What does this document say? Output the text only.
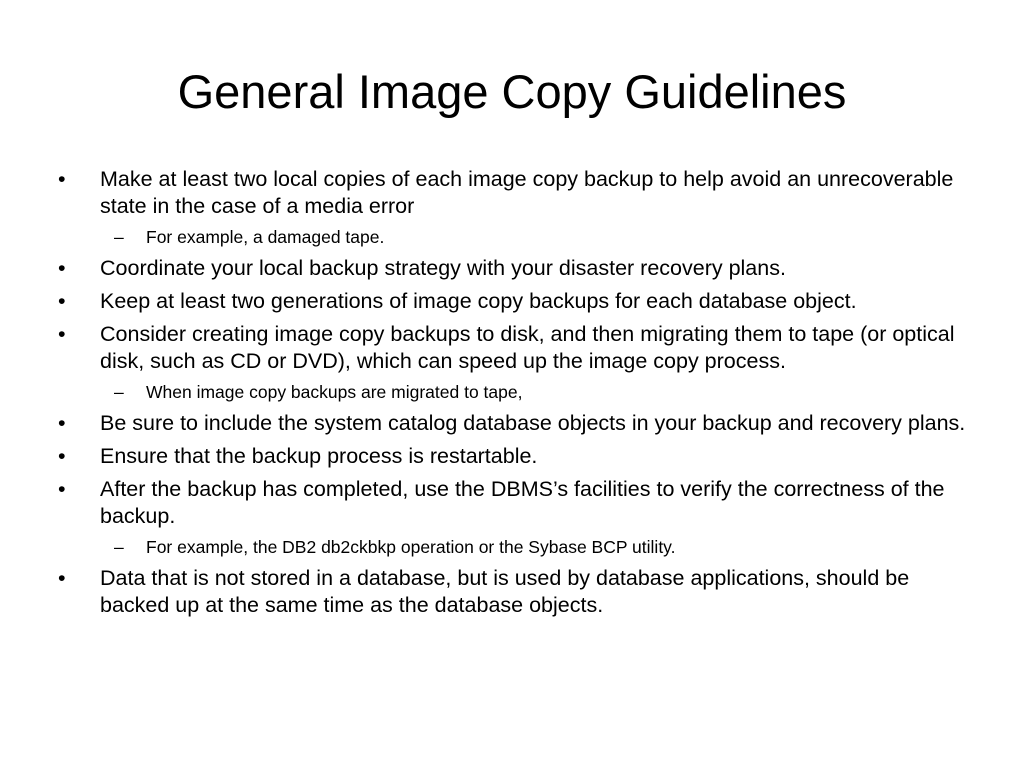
General Image Copy Guidelines
•	Make at least two local copies of each image copy backup to help avoid an unrecoverable state in the case of a media error
– For example, a damaged tape.
•	Coordinate your local backup strategy with your disaster recovery plans.
•	Keep at least two generations of image copy backups for each database object.
•	Consider creating image copy backups to disk, and then migrating them to tape (or optical disk, such as CD or DVD), which can speed up the image copy process.
– When image copy backups are migrated to tape,
•	Be sure to include the system catalog database objects in your backup and recovery plans.
•	Ensure that the backup process is restartable.
•	After the backup has completed, use the DBMS’s facilities to verify the correctness of the backup.
– For example, the DB2 db2ckbkp operation or the Sybase BCP utility.
•	Data that is not stored in a database, but is used by database applications, should be backed up at the same time as the database objects.
